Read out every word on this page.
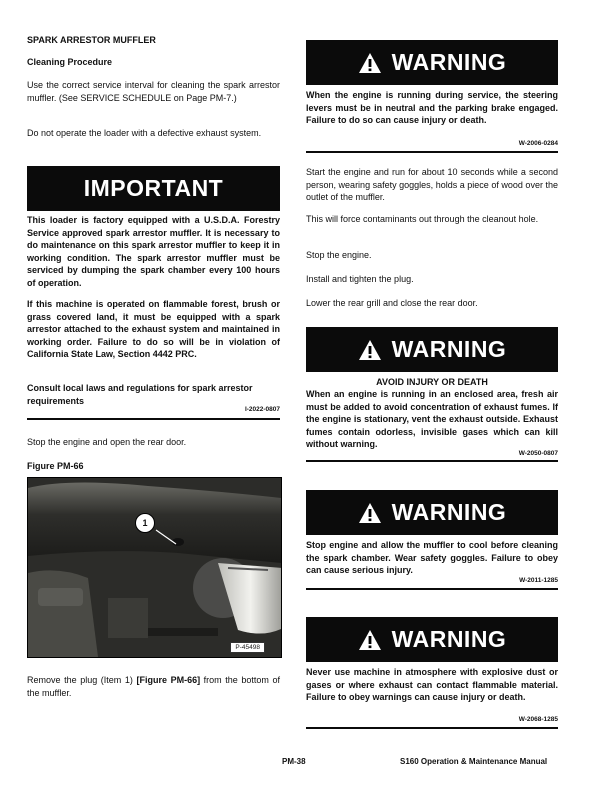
SPARK ARRESTOR MUFFLER

Cleaning Procedure

Use the correct service interval for cleaning the spark arrestor muffler. (See SERVICE SCHEDULE on Page PM-7.)

Do not operate the loader with a defective exhaust system.

IMPORTANT

This loader is factory equipped with a U.S.D.A. Forestry Service approved spark arrestor muffler. It is necessary to do maintenance on this spark arrestor muffler to keep it in working condition. The spark arrestor muffler must be serviced by dumping the spark chamber every 100 hours of operation.

If this machine is operated on flammable forest, brush or grass covered land, it must be equipped with a spark arrestor attached to the exhaust system and maintained in working order. Failure to do so will be in violation of California State Law, Section 4442 PRC.

Consult local laws and regulations for spark arrestor requirements

I-2022-0807

Stop the engine and open the rear door.

Figure PM-66

1
P-45498

Remove the plug (Item 1) [Figure PM-66] from the bottom of the muffler.

WARNING

When the engine is running during service, the steering levers must be in neutral and the parking brake engaged. Failure to do so can cause injury or death.

W-2006-0284

Start the engine and run for about 10 seconds while a second person, wearing safety goggles, holds a piece of wood over the outlet of the muffler.

This will force contaminants out through the cleanout hole.

Stop the engine.

Install and tighten the plug.

Lower the rear grill and close the rear door.

WARNING

AVOID INJURY OR DEATH

When an engine is running in an enclosed area, fresh air must be added to avoid concentration of exhaust fumes. If the engine is stationary, vent the exhaust outside. Exhaust fumes contain odorless, invisible gases which can kill without warning.

W-2050-0807
WARNING

Stop engine and allow the muffler to cool before cleaning the spark chamber. Wear safety goggles. Failure to obey can cause serious injury.

W-2011-1285
WARNING

Never use machine in atmosphere with explosive dust or gases or where exhaust can contact flammable material. Failure to obey warnings can cause injury or death.

W-2068-1285
PM-38	S160 Operation & Maintenance Manual
